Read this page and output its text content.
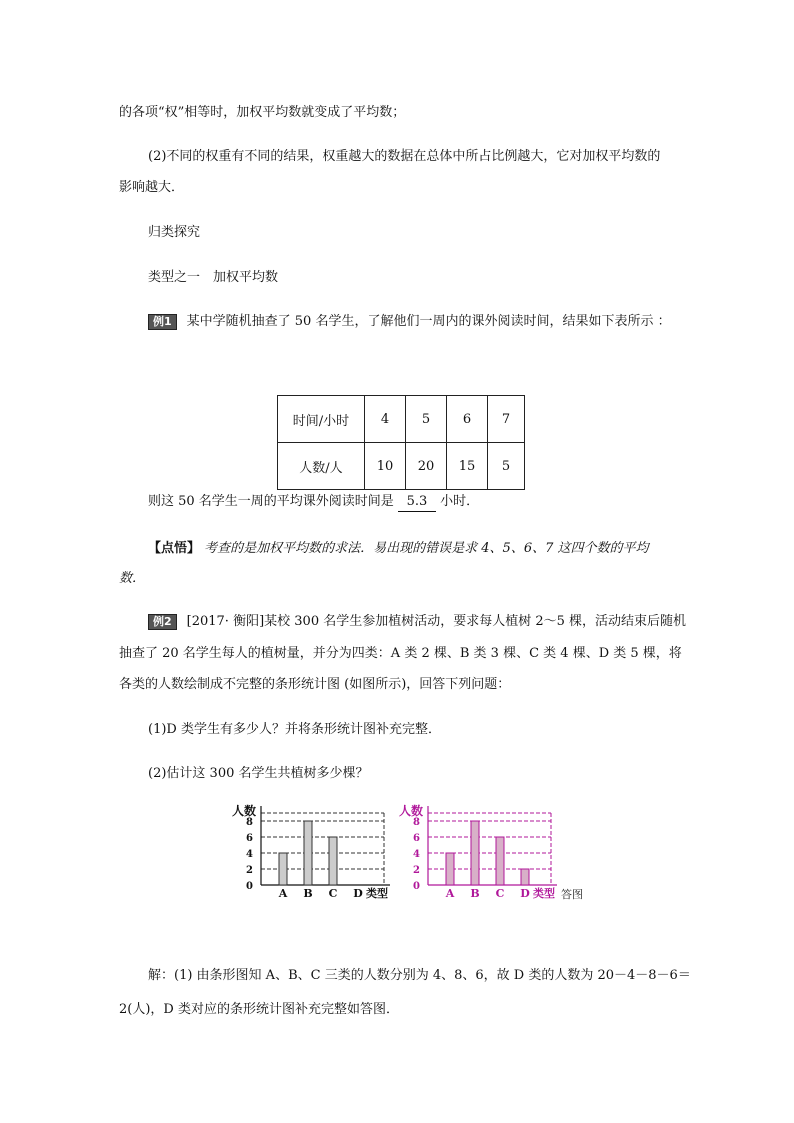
的各项“权”相等时，加权平均数就变成了平均数；
(2)不同的权重有不同的结果，权重越大的数据在总体中所占比例越大，它对加权平均数的
影响越大．
归类探究
类型之一　加权平均数
例1 某中学随机抽查了 50 名学生，了解他们一周内的课外阅读时间，结果如下表所示 ：
时间/小时	4	5	6	7
人数/人	10	20	15	5
则这 50 名学生一周的平均课外阅读时间是 5.3 小时．
【点悟】 考查的是加权平均数的求法．易出现的错误是求 4、5、6、7 这四个数的平均
数．
例2 [2017· 衡阳]某校 300 名学生参加植树活动，要求每人植树 2～5 棵，活动结束后随机
抽查了 20 名学生每人的植树量，并分为四类：A 类 2 棵、B 类 3 棵、C 类 4 棵、D 类 5 棵，将
各类的人数绘制成不完整的条形统计图 (如图所示)，回答下列问题：
(1)D 类学生有多少人？并将条形统计图补充完整．
(2)估计这 300 名学生共植树多少棵？
人数
0
2
4
6
8
A B C D 类型
人数
0
2
4
6
8
A B C D 类型 答图
解：(1) 由条形图知 A、B、C 三类的人数分别为 4、8、6，故 D 类的人数为 20－4－8－6＝
2(人)，D 类对应的条形统计图补充完整如答图．
